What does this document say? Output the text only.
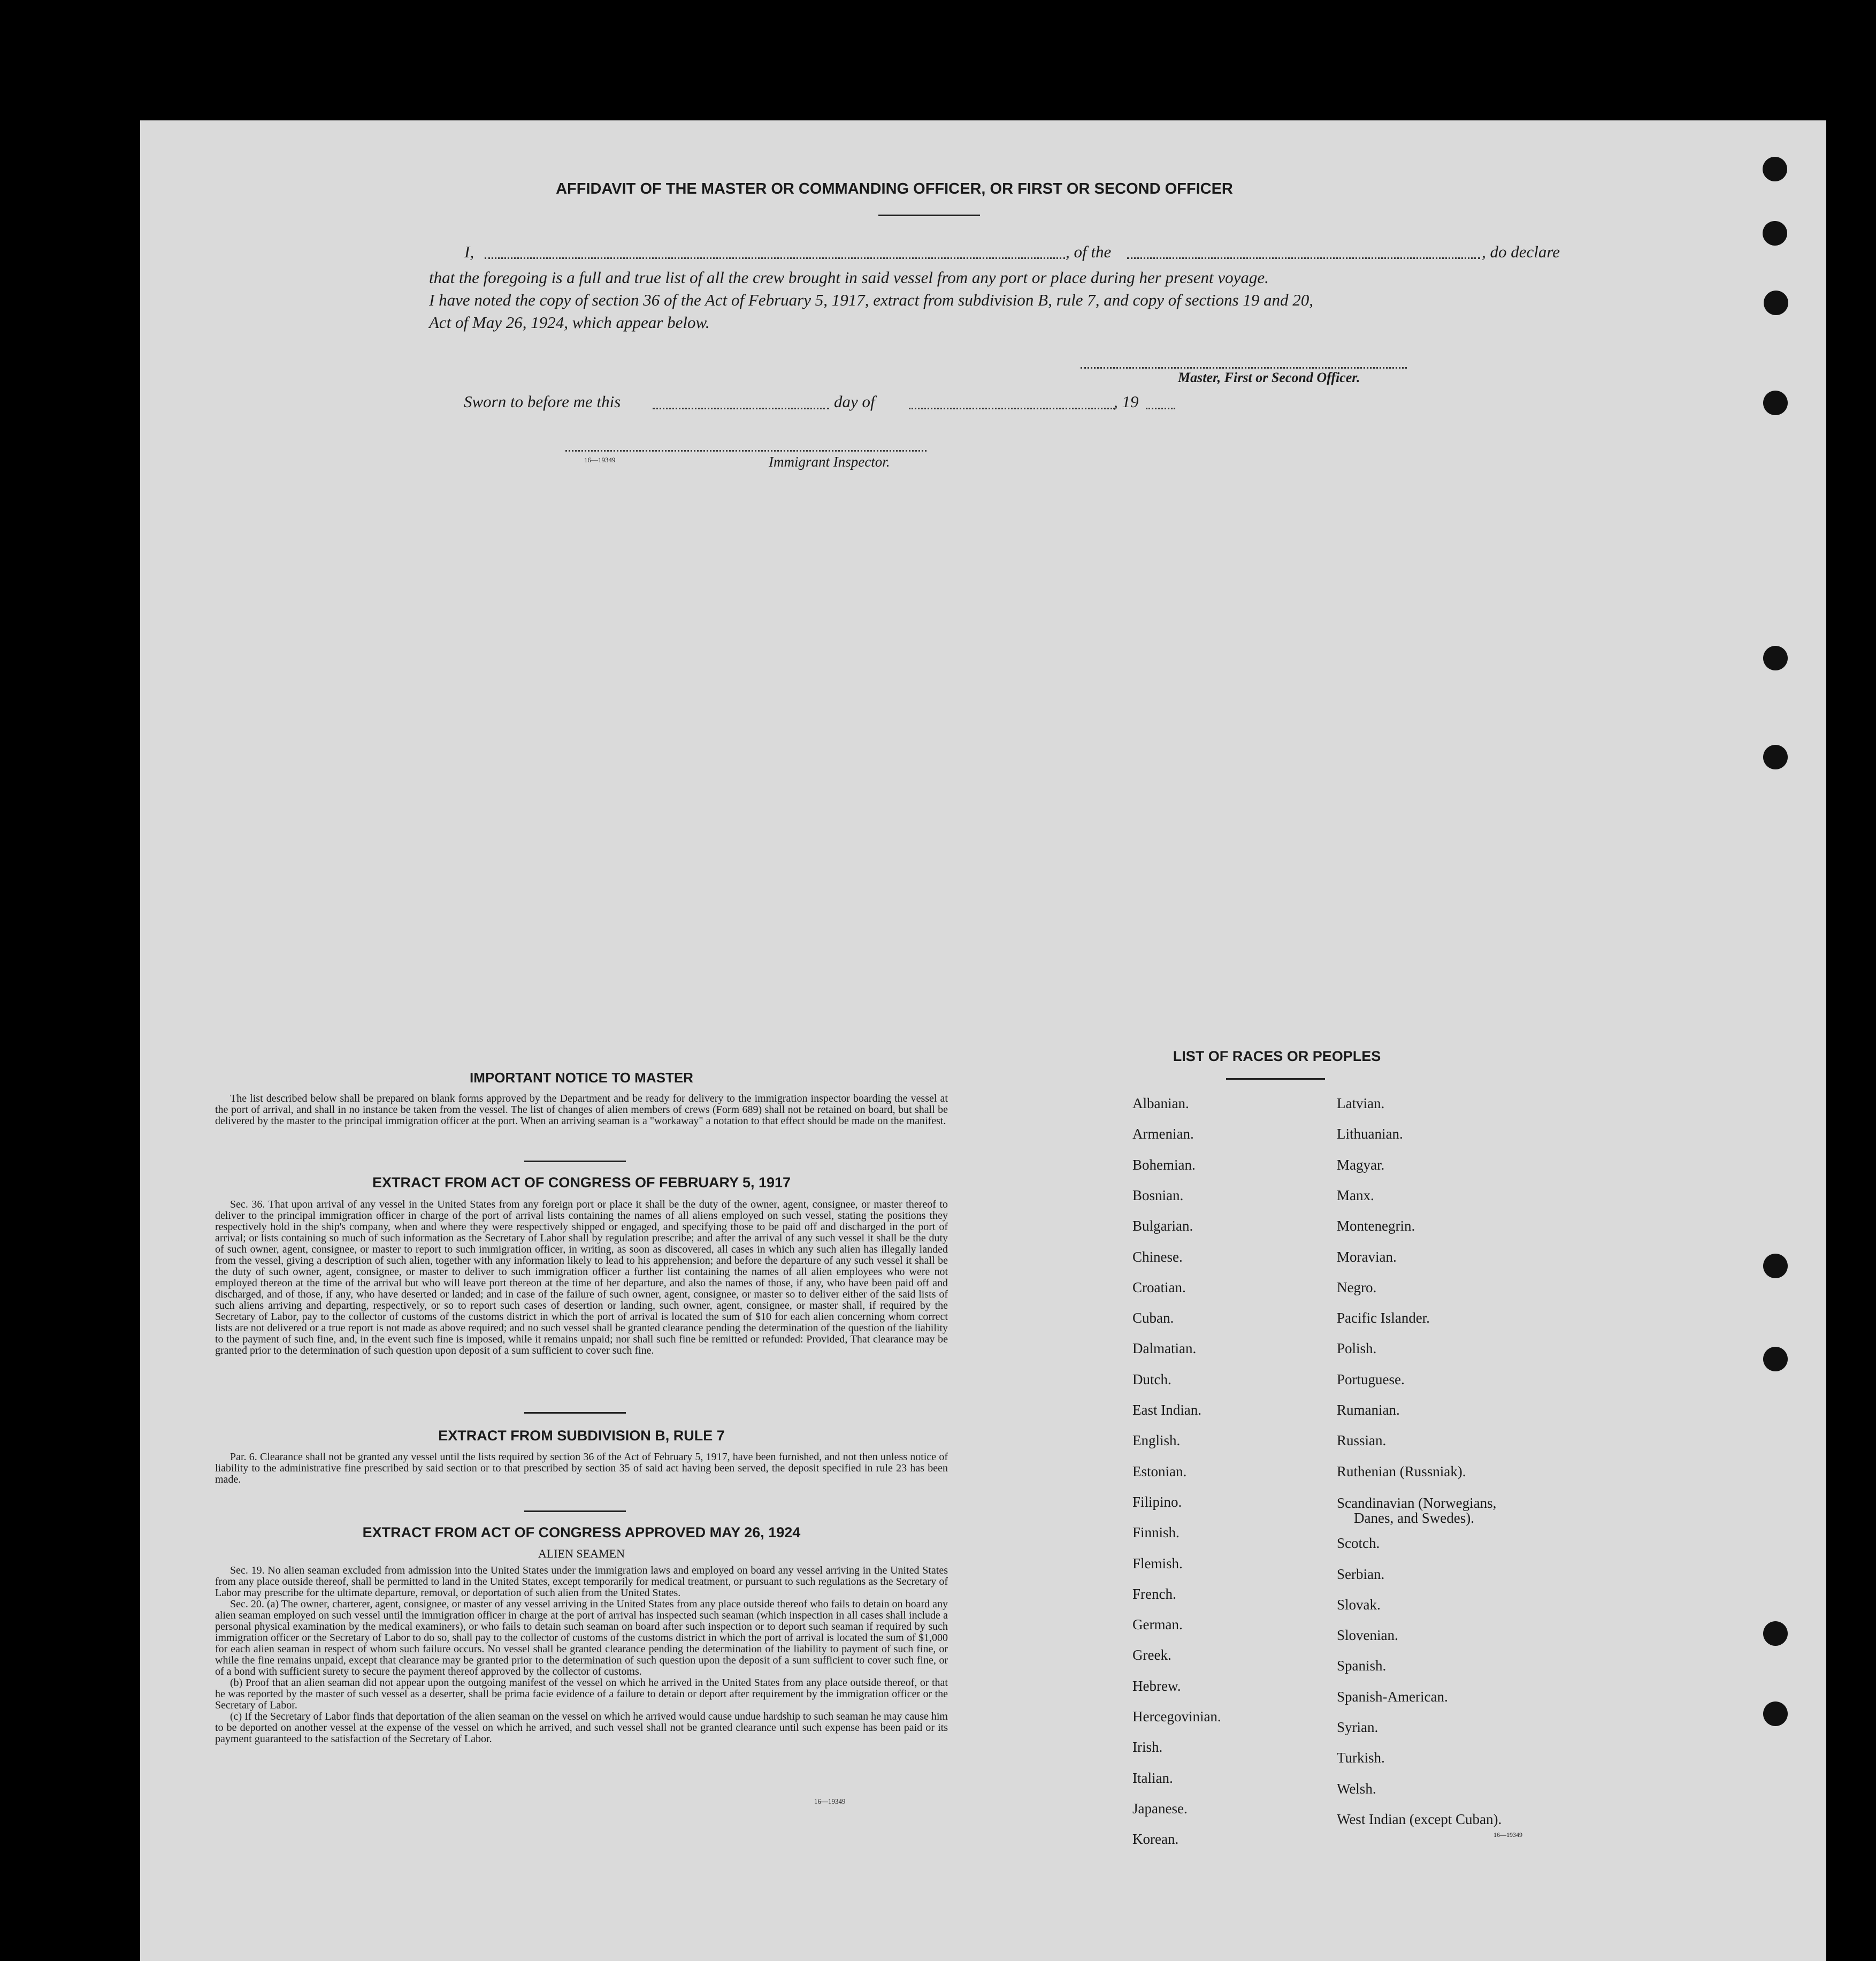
AFFIDAVIT OF THE MASTER OR COMMANDING OFFICER, OR FIRST OR SECOND OFFICER
I,	, of the	, do declare
that the foregoing is a full and true list of all the crew brought in said vessel from any port or place during her present voyage.
I have noted the copy of section 36 of the Act of February 5, 1917, extract from subdivision B, rule 7, and copy of sections 19 and 20,
Act of May 26, 1924, which appear below.
Master, First or Second Officer.
Sworn to before me this	day of	, 19
16—19349	Immigrant Inspector.
IMPORTANT NOTICE TO MASTER
The list described below shall be prepared on blank forms approved by the Department and be ready for delivery to the immigration inspector boarding the vessel at the port of arrival, and shall in no instance be taken from the vessel. The list of changes of alien members of crews (Form 689) shall not be retained on board, but shall be delivered by the master to the principal immigration officer at the port. When an arriving seaman is a "workaway" a notation to that effect should be made on the manifest.
EXTRACT FROM ACT OF CONGRESS OF FEBRUARY 5, 1917
Sec. 36. That upon arrival of any vessel in the United States from any foreign port or place it shall be the duty of the owner, agent, consignee, or master thereof to deliver to the principal immigration officer in charge of the port of arrival lists containing the names of all aliens employed on such vessel, stating the positions they respectively hold in the ship's company, when and where they were respectively shipped or engaged, and specifying those to be paid off and discharged in the port of arrival; or lists containing so much of such information as the Secretary of Labor shall by regulation prescribe; and after the arrival of any such vessel it shall be the duty of such owner, agent, consignee, or master to report to such immigration officer, in writing, as soon as discovered, all cases in which any such alien has illegally landed from the vessel, giving a description of such alien, together with any information likely to lead to his apprehension; and before the departure of any such vessel it shall be the duty of such owner, agent, consignee, or master to deliver to such immigration officer a further list containing the names of all alien employees who were not employed thereon at the time of the arrival but who will leave port thereon at the time of her departure, and also the names of those, if any, who have been paid off and discharged, and of those, if any, who have deserted or landed; and in case of the failure of such owner, agent, consignee, or master so to deliver either of the said lists of such aliens arriving and departing, respectively, or so to report such cases of desertion or landing, such owner, agent, consignee, or master shall, if required by the Secretary of Labor, pay to the collector of customs of the customs district in which the port of arrival is located the sum of $10 for each alien concerning whom correct lists are not delivered or a true report is not made as above required; and no such vessel shall be granted clearance pending the determination of the question of the liability to the payment of such fine, and, in the event such fine is imposed, while it remains unpaid; nor shall such fine be remitted or refunded: Provided, That clearance may be granted prior to the determination of such question upon deposit of a sum sufficient to cover such fine.
EXTRACT FROM SUBDIVISION B, RULE 7
Par. 6. Clearance shall not be granted any vessel until the lists required by section 36 of the Act of February 5, 1917, have been furnished, and not then unless notice of liability to the administrative fine prescribed by said section or to that prescribed by section 35 of said act having been served, the deposit specified in rule 23 has been made.
EXTRACT FROM ACT OF CONGRESS APPROVED MAY 26, 1924
ALIEN SEAMEN

Sec. 19. No alien seaman excluded from admission into the United States under the immigration laws and employed on board any vessel arriving in the United States from any place outside thereof, shall be permitted to land in the United States, except temporarily for medical treatment, or pursuant to such regulations as the Secretary of Labor may prescribe for the ultimate departure, removal, or deportation of such alien from the United States.

Sec. 20. (a) The owner, charterer, agent, consignee, or master of any vessel arriving in the United States from any place outside thereof who fails to detain on board any alien seaman employed on such vessel until the immigration officer in charge at the port of arrival has inspected such seaman (which inspection in all cases shall include a personal physical examination by the medical examiners), or who fails to detain such seaman on board after such inspection or to deport such seaman if required by such immigration officer or the Secretary of Labor to do so, shall pay to the collector of customs of the customs district in which the port of arrival is located the sum of $1,000 for each alien seaman in respect of whom such failure occurs. No vessel shall be granted clearance pending the determination of the liability to payment of such fine, or while the fine remains unpaid, except that clearance may be granted prior to the determination of such question upon the deposit of a sum sufficient to cover such fine, or of a bond with sufficient surety to secure the payment thereof approved by the collector of customs.

(b) Proof that an alien seaman did not appear upon the outgoing manifest of the vessel on which he arrived in the United States from any place outside thereof, or that he was reported by the master of such vessel as a deserter, shall be prima facie evidence of a failure to detain or deport after requirement by the immigration officer or the Secretary of Labor.

(c) If the Secretary of Labor finds that deportation of the alien seaman on the vessel on which he arrived would cause undue hardship to such seaman he may cause him to be deported on another vessel at the expense of the vessel on which he arrived, and such vessel shall not be granted clearance until such expense has been paid or its payment guaranteed to the satisfaction of the Secretary of Labor.

16—19349
LIST OF RACES OR PEOPLES
16—19349
Albanian.
Armenian.
Bohemian.
Bosnian.
Bulgarian.
Chinese.
Croatian.
Cuban.
Dalmatian.
Dutch.
East Indian.
English.
Estonian.
Filipino.
Finnish.
Flemish.
French.
German.
Greek.
Hebrew.
Hercegovinian.
Irish.
Italian.
Japanese.
Korean.
Latvian.
Lithuanian.
Magyar.
Manx.
Montenegrin.
Moravian.
Negro.
Pacific Islander.
Polish.
Portuguese.
Rumanian.
Russian.
Ruthenian (Russniak).
Scandinavian (Norwegians,
Danes, and Swedes).
Scotch.
Serbian.
Slovak.
Slovenian.
Spanish.
Spanish-American.
Syrian.
Turkish.
Welsh.
West Indian (except Cuban).
